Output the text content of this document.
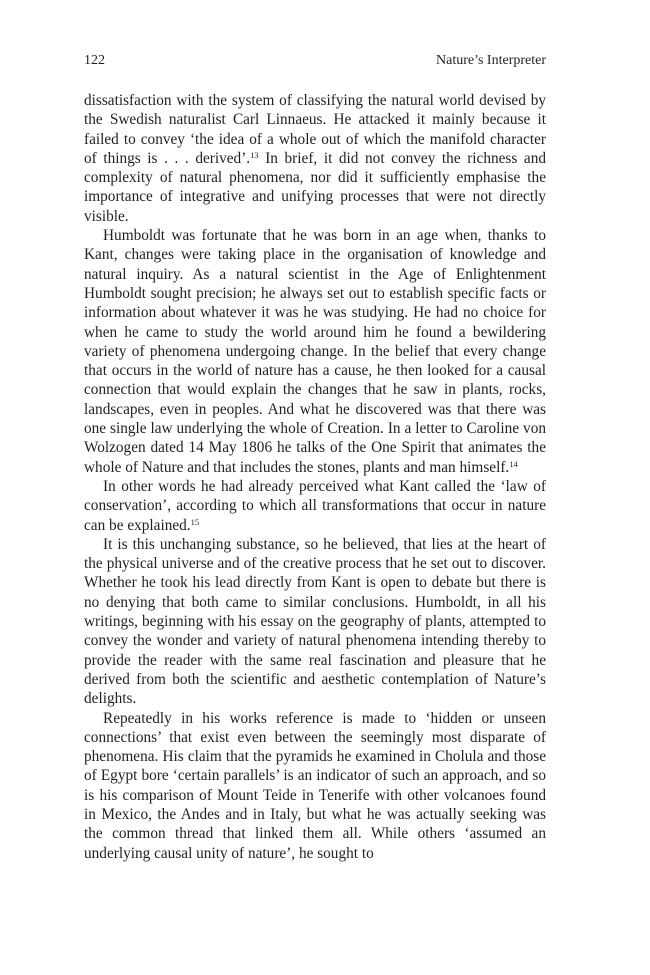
122	Nature’s Interpreter

dissatisfaction with the system of classifying the natural world devised by the Swedish naturalist Carl Linnaeus. He attacked it mainly because it failed to convey ‘the idea of a whole out of which the manifold character of things is . . . derived’.$^{13}$ In brief, it did not convey the richness and complexity of natural phenomena, nor did it sufficiently emphasise the importance of integrative and unifying processes that were not directly visible.

Humboldt was fortunate that he was born in an age when, thanks to Kant, changes were taking place in the organisation of knowledge and natural inquiry. As a natural scientist in the Age of Enlightenment Humboldt sought precision; he always set out to establish specific facts or information about whatever it was he was studying. He had no choice for when he came to study the world around him he found a bewildering variety of phenomena undergoing change. In the belief that every change that occurs in the world of nature has a cause, he then looked for a causal connection that would explain the changes that he saw in plants, rocks, landscapes, even in peoples. And what he discovered was that there was one single law underlying the whole of Creation. In a letter to Caroline von Wolzogen dated 14 May 1806 he talks of the One Spirit that animates the whole of Nature and that includes the stones, plants and man himself.$^{14}$

In other words he had already perceived what Kant called the ‘law of conservation’, according to which all transformations that occur in nature can be explained.$^{15}$

It is this unchanging substance, so he believed, that lies at the heart of the physical universe and of the creative process that he set out to discover. Whether he took his lead directly from Kant is open to debate but there is no denying that both came to similar conclusions. Humboldt, in all his writings, beginning with his essay on the geography of plants, attempted to convey the wonder and variety of natural phenomena intending thereby to provide the reader with the same real fascination and pleasure that he derived from both the scientific and aesthetic contemplation of Nature’s delights.

Repeatedly in his works reference is made to ‘hidden or unseen connections’ that exist even between the seemingly most disparate of phenomena. His claim that the pyramids he examined in Cholula and those of Egypt bore ‘certain parallels’ is an indicator of such an approach, and so is his comparison of Mount Teide in Tenerife with other volcanoes found in Mexico, the Andes and in Italy, but what he was actually seeking was the common thread that linked them all. While others ‘assumed an underlying causal unity of nature’, he sought to
